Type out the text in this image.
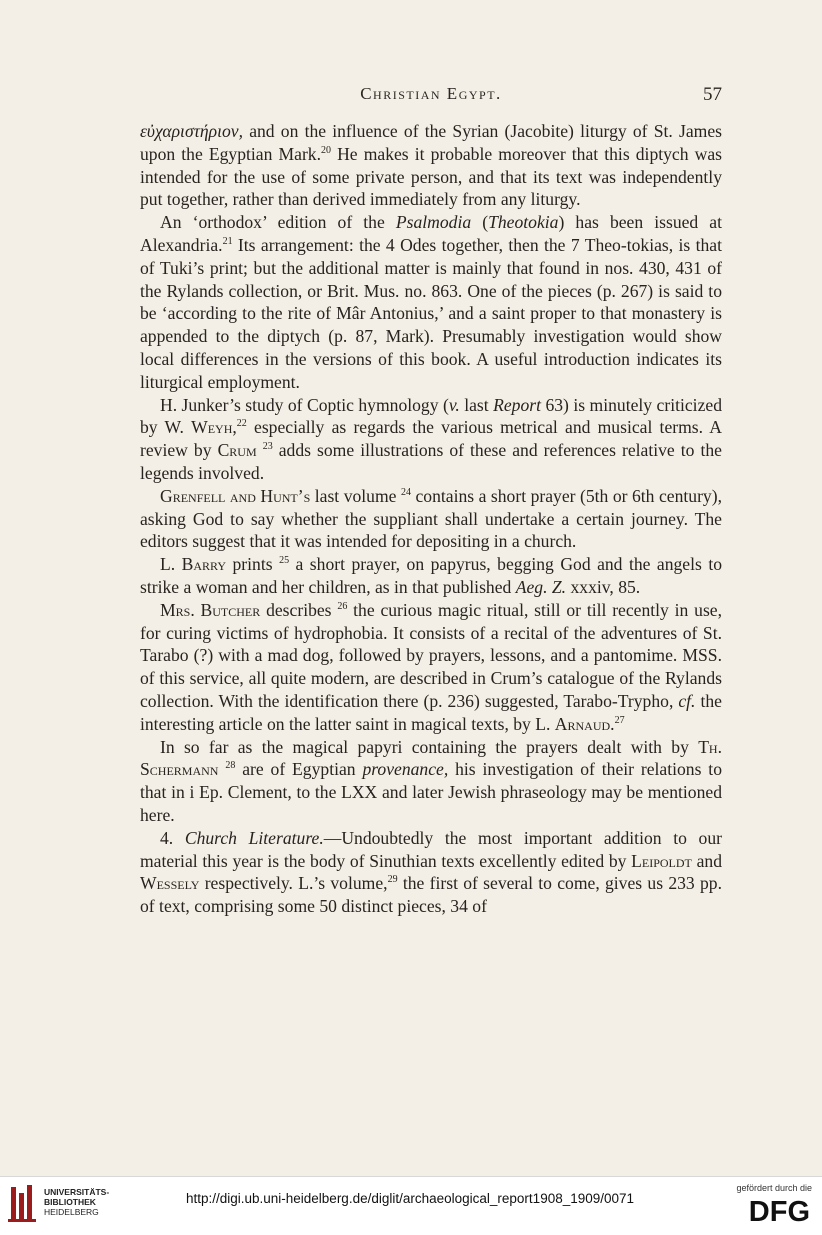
Christian Egypt.	57

εὐχαριστήριον, and on the influence of the Syrian (Jacobite) liturgy of St. James upon the Egyptian Mark.$^{20}$ He makes it probable moreover that this diptych was intended for the use of some private person, and that its text was independently put together, rather than derived immediately from any liturgy.

An ‘orthodox’ edition of the Psalmodia (Theotokia) has been issued at Alexandria.$^{21}$ Its arrangement: the 4 Odes together, then the 7 Theo-tokias, is that of Tuki’s print; but the additional matter is mainly that found in nos. 430, 431 of the Rylands collection, or Brit. Mus. no. 863. One of the pieces (p. 267) is said to be ‘according to the rite of Mâr Antonius,’ and a saint proper to that monastery is appended to the diptych (p. 87, Mark). Presumably investigation would show local differences in the versions of this book. A useful introduction indicates its liturgical employment.

H. Junker’s study of Coptic hymnology (v. last Report 63) is minutely criticized by W. Weyh,$^{22}$ especially as regards the various metrical and musical terms. A review by Crum $^{23}$ adds some illustrations of these and references relative to the legends involved.

Grenfell and Hunt’s last volume $^{24}$ contains a short prayer (5th or 6th century), asking God to say whether the suppliant shall undertake a certain journey. The editors suggest that it was intended for depositing in a church.

L. Barry prints $^{25}$ a short prayer, on papyrus, begging God and the angels to strike a woman and her children, as in that published Aeg. Z. xxxiv, 85.

Mrs. Butcher describes $^{26}$ the curious magic ritual, still or till recently in use, for curing victims of hydrophobia. It consists of a recital of the adventures of St. Tarabo (?) with a mad dog, followed by prayers, lessons, and a pantomime. MSS. of this service, all quite modern, are described in Crum’s catalogue of the Rylands collection. With the identification there (p. 236) suggested, Tarabo-Trypho, cf. the interesting article on the latter saint in magical texts, by L. Arnaud.$^{27}$

In so far as the magical papyri containing the prayers dealt with by Th. Schermann $^{28}$ are of Egyptian provenance, his investigation of their relations to that in i Ep. Clement, to the LXX and later Jewish phraseology may be mentioned here.

4. Church Literature.—Undoubtedly the most important addition to our material this year is the body of Sinuthian texts excellently edited by Leipoldt and Wessely respectively. L.’s volume,$^{29}$ the first of several to come, gives us 233 pp. of text, comprising some 50 distinct pieces, 34 of

UNIVERSITÄTS-
BIBLIOTHEK
HEIDELBERG
http://digi.ub.uni-heidelberg.de/diglit/archaeological_report1908_1909/0071
gefördert durch die
DFG
